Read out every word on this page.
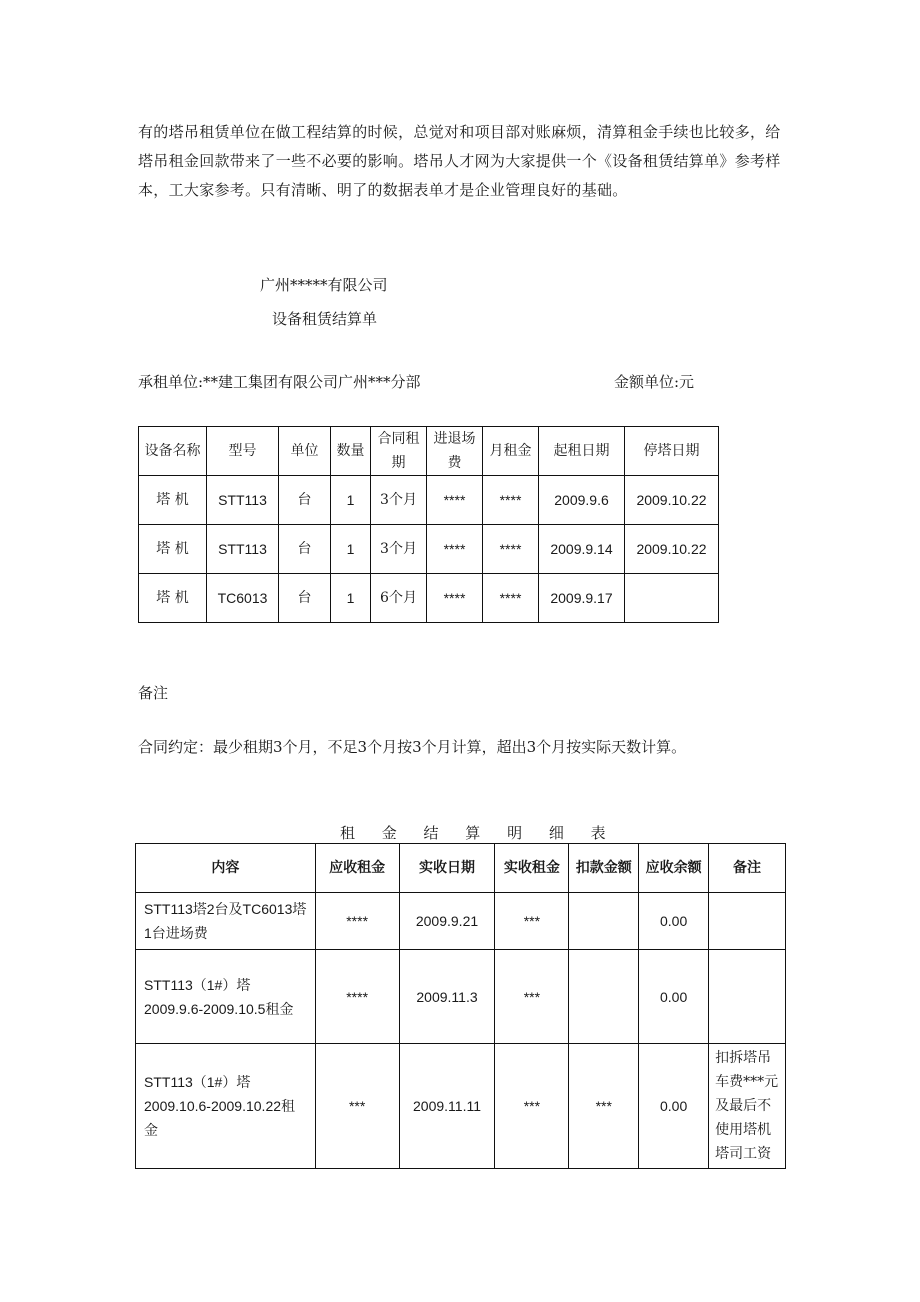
有的塔吊租赁单位在做工程结算的时候，总觉对和项目部对账麻烦，清算租金手续也比较多，给塔吊租金回款带来了一些不必要的影响。塔吊人才网为大家提供一个《设备租赁结算单》参考样本，工大家参考。只有清晰、明了的数据表单才是企业管理良好的基础。
广州*****有限公司
设备租赁结算单
承租单位:**建工集团有限公司广州***分部	金额单位:元
设备名称	型号	单位	数量	合同租期	进退场费	月租金	起租日期	停塔日期
塔 机	STT113	台	1	3个月	****	****	2009.9.6	2009.10.22
塔 机	STT113	台	1	3个月	****	****	2009.9.14	2009.10.22
塔 机	TC6013	台	1	6个月	****	****	2009.9.17	
备注
合同约定：最少租期3个月，不足3个月按3个月计算，超出3个月按实际天数计算。
租 金 结 算 明 细 表
内容	应收租金	实收日期	实收租金	扣款金额	应收余额	备注
STT113塔2台及TC6013塔1台进场费	****	2009.9.21	***		0.00	
STT113（1#）塔2009.9.6-2009.10.5租金	****	2009.11.3	***		0.00	
STT113（1#）塔2009.10.6-2009.10.22租金	***	2009.11.11	***	***	0.00	扣拆塔吊车费***元及最后不使用塔机塔司工资
